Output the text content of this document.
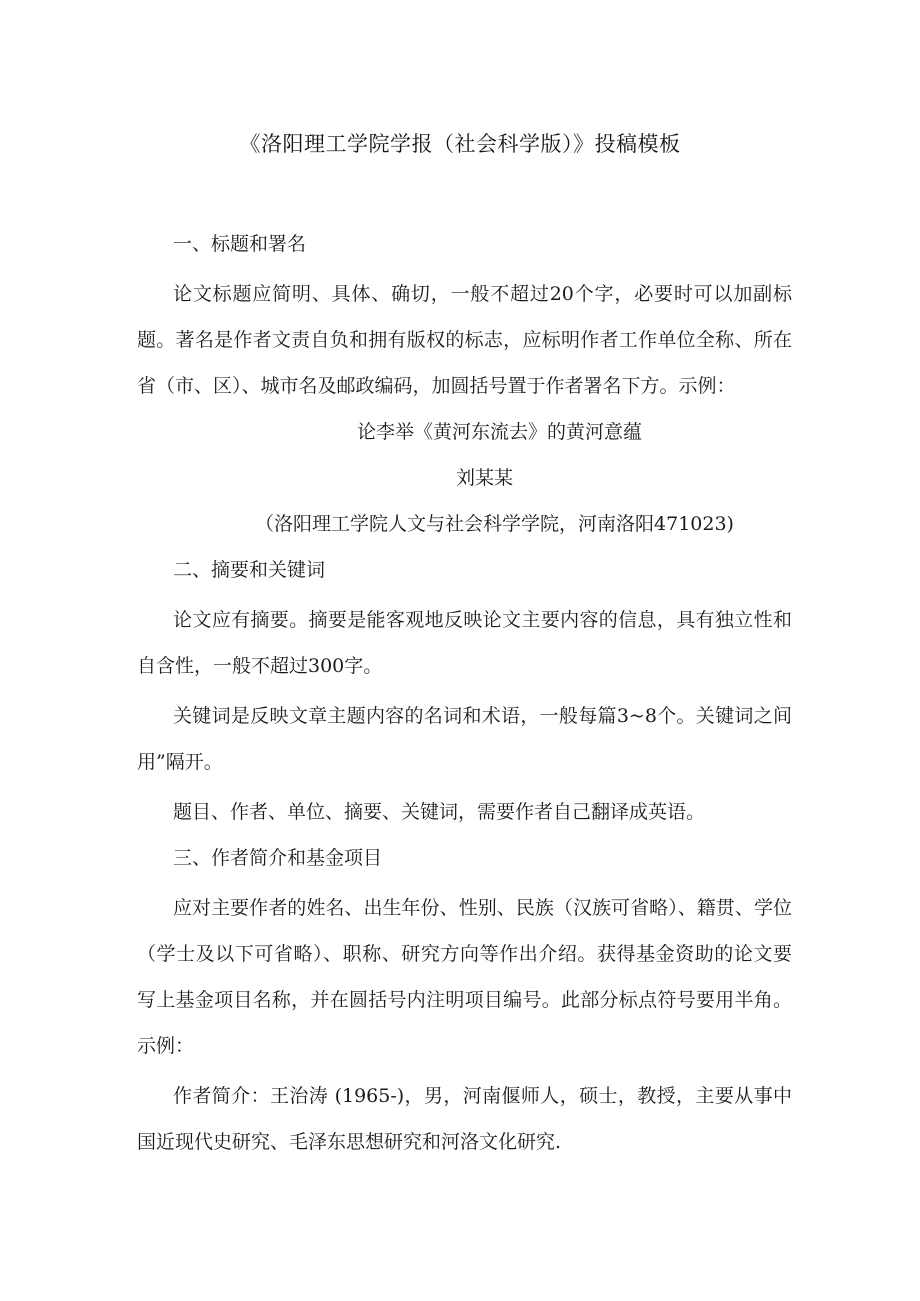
《洛阳理工学院学报（社会科学版）》投稿模板

一、标题和署名

论文标题应简明、具体、确切，一般不超过20个字，必要时可以加副标题。著名是作者文责自负和拥有版权的标志，应标明作者工作单位全称、所在省（市、区）、城市名及邮政编码，加圆括号置于作者署名下方。示例：

论李举《黄河东流去》的黄河意蕴

刘某某

（洛阳理工学院人文与社会科学学院，河南洛阳471023)

二、摘要和关键词

论文应有摘要。摘要是能客观地反映论文主要内容的信息，具有独立性和自含性，一般不超过300字。

关键词是反映文章主题内容的名词和术语，一般每篇3~8个。关键词之间用”隔开。

题目、作者、单位、摘要、关键词，需要作者自己翻译成英语。

三、作者简介和基金项目

应对主要作者的姓名、出生年份、性别、民族（汉族可省略）、籍贯、学位（学士及以下可省略）、职称、研究方向等作出介绍。获得基金资助的论文要写上基金项目名称，并在圆括号内注明项目编号。此部分标点符号要用半角。示例：

作者简介：王治涛 (1965-)，男，河南偃师人，硕士，教授，主要从事中国近现代史研究、毛泽东思想研究和河洛文化研究.
